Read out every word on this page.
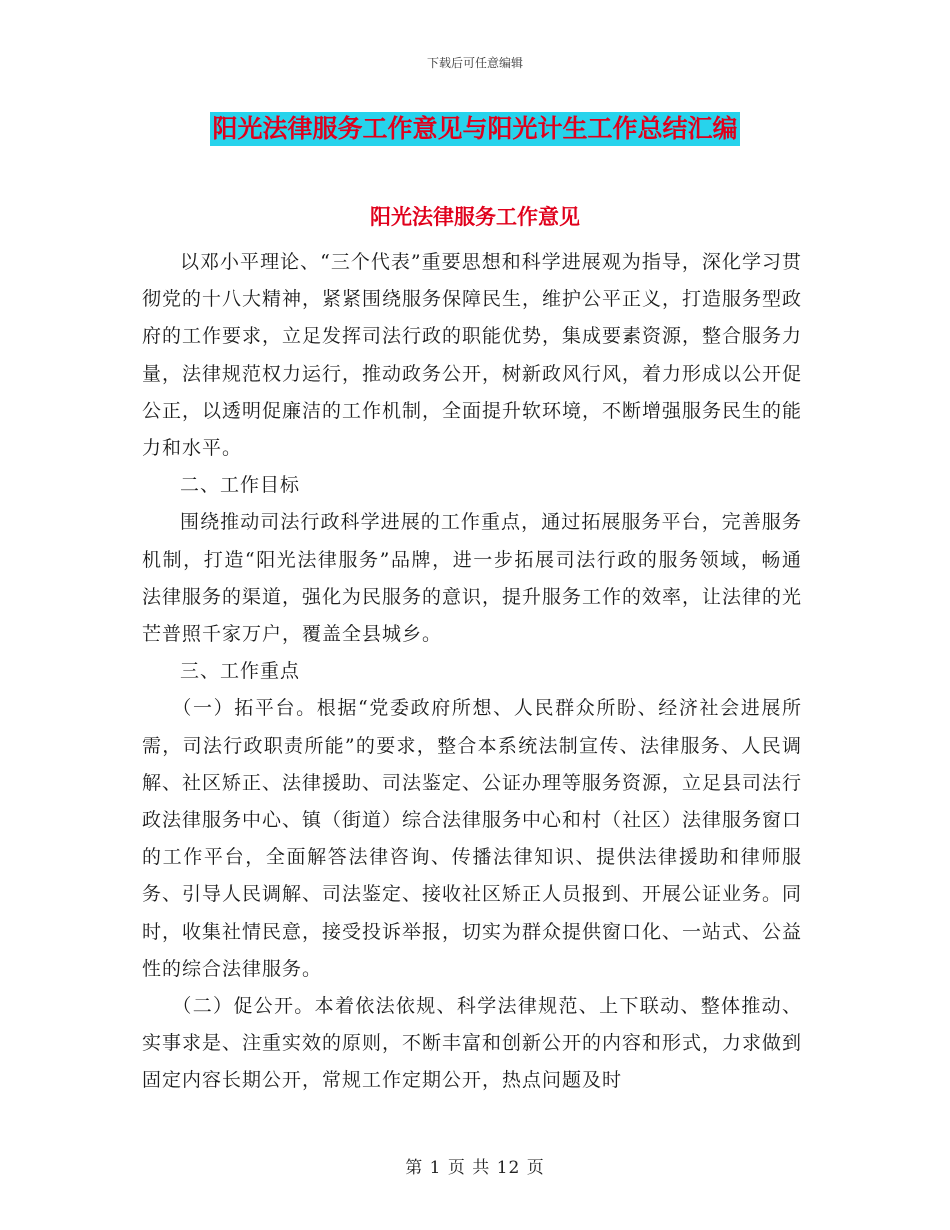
下载后可任意编辑
阳光法律服务工作意见与阳光计生工作总结汇编
阳光法律服务工作意见

以邓小平理论、“三个代表”重要思想和科学进展观为指导，深化学习贯彻党的十八大精神，紧紧围绕服务保障民生，维护公平正义，打造服务型政府的工作要求，立足发挥司法行政的职能优势，集成要素资源，整合服务力量，法律规范权力运行，推动政务公开，树新政风行风，着力形成以公开促公正，以透明促廉洁的工作机制，全面提升软环境，不断增强服务民生的能力和水平。

二、工作目标

围绕推动司法行政科学进展的工作重点，通过拓展服务平台，完善服务机制，打造“阳光法律服务”品牌，进一步拓展司法行政的服务领域，畅通法律服务的渠道，强化为民服务的意识，提升服务工作的效率，让法律的光芒普照千家万户，覆盖全县城乡。

三、工作重点

（一）拓平台。根据“党委政府所想、人民群众所盼、经济社会进展所需，司法行政职责所能”的要求，整合本系统法制宣传、法律服务、人民调解、社区矫正、法律援助、司法鉴定、公证办理等服务资源，立足县司法行政法律服务中心、镇（街道）综合法律服务中心和村（社区）法律服务窗口的工作平台，全面解答法律咨询、传播法律知识、提供法律援助和律师服务、引导人民调解、司法鉴定、接收社区矫正人员报到、开展公证业务。同时，收集社情民意，接受投诉举报，切实为群众提供窗口化、一站式、公益性的综合法律服务。

（二）促公开。本着依法依规、科学法律规范、上下联动、整体推动、实事求是、注重实效的原则，不断丰富和创新公开的内容和形式，力求做到固定内容长期公开，常规工作定期公开，热点问题及时

第 1 页 共 12 页
